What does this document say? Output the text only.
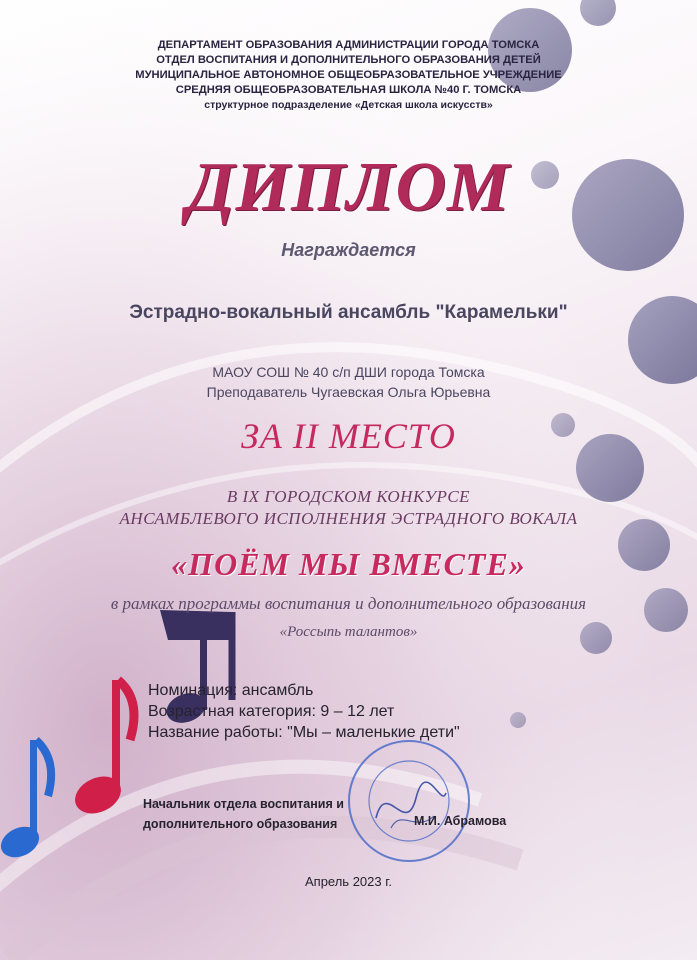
ДЕПАРТАМЕНТ ОБРАЗОВАНИЯ АДМИНИСТРАЦИИ ГОРОДА ТОМСКА
ОТДЕЛ ВОСПИТАНИЯ И ДОПОЛНИТЕЛЬНОГО ОБРАЗОВАНИЯ ДЕТЕЙ
МУНИЦИПАЛЬНОЕ АВТОНОМНОЕ ОБЩЕОБРАЗОВАТЕЛЬНОЕ УЧРЕЖДЕНИЕ
СРЕДНЯЯ ОБЩЕОБРАЗОВАТЕЛЬНАЯ ШКОЛА №40 Г. ТОМСКА
структурное подразделение «Детская школа искусств»
ДИПЛОМ
Награждается
Эстрадно-вокальный ансамбль "Карамельки"
МАОУ СОШ № 40 с/п ДШИ города Томска
Преподаватель Чугаевская Ольга Юрьевна
ЗА II МЕСТО
В IX ГОРОДСКОМ КОНКУРСЕ
АНСАМБЛЕВОГО ИСПОЛНЕНИЯ ЭСТРАДНОГО ВОКАЛА
«ПОЁМ МЫ ВМЕСТЕ»
в рамках программы воспитания и дополнительного образования
«Россыпь талантов»
Номинация: ансамбль
Возрастная категория: 9 – 12 лет
Название работы: "Мы – маленькие дети"
Начальник отдела воспитания и
дополнительного образования	М.И. Абрамова
Апрель 2023 г.
